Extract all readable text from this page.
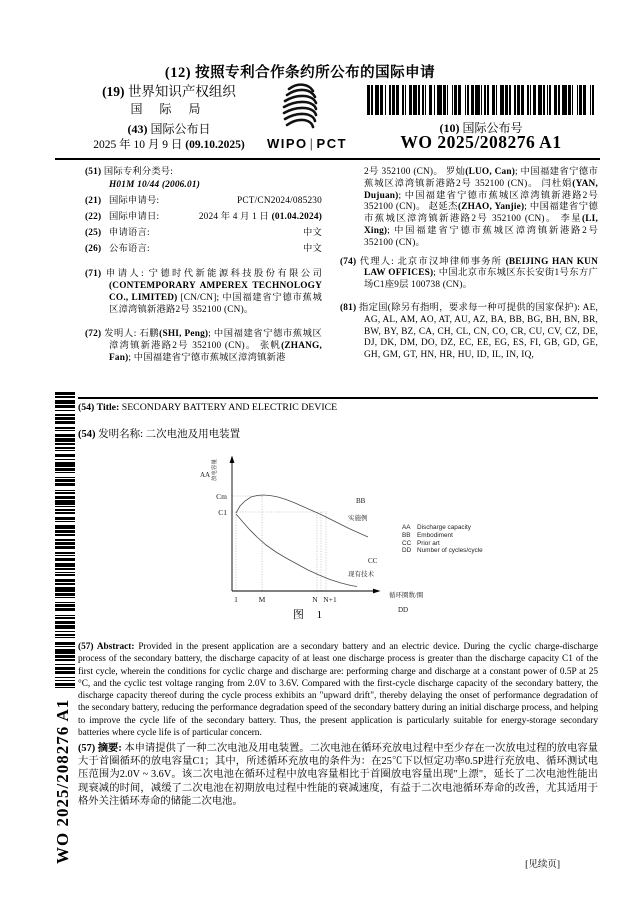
(12) 按照专利合作条约所公布的国际申请
(19) 世界知识产权组织
国 际 局
(43) 国际公布日
2025 年 10 月 9 日 (09.10.2025)	WIPO | PCT
(10) 国际公布号
WO 2025/208276 A1

(51) 国际专利分类号:
H01M 10/44 (2006.01)

(21) 国际申请号:	PCT/CN2024/085230

(22) 国际申请日:	2024 年 4 月 1 日 (01.04.2024)

(25) 申请语言:	中文

(26) 公布语言:	中文

(71) 申请人: 宁德时代新能源科技股份有限公司 (CONTEMPORARY AMPEREX TECHNOLOGY CO., LIMITED) [CN/CN]; 中国福建省宁德市蕉城区漳湾镇新港路2号 352100 (CN)。

(72) 发明人: 石鹏(SHI, Peng); 中国福建省宁德市蕉城区漳湾镇新港路2号 352100 (CN)。 张帆(ZHANG, Fan); 中国福建省宁德市蕉城区漳湾镇新港

2号 352100 (CN)。 罗灿(LUO, Can); 中国福建省宁德市蕉城区漳湾镇新港路2号 352100 (CN)。 闫杜娟(YAN, Dujuan); 中国福建省宁德市蕉城区漳湾镇新港路2号 352100 (CN)。 赵延杰(ZHAO, Yanjie); 中国福建省宁德市蕉城区漳湾镇新港路2号 352100 (CN)。 李星(LI, Xing); 中国福建省宁德市蕉城区漳湾镇新港路2号 352100 (CN)。

(74) 代理人: 北京市汉坤律师事务所 (BEIJING HAN KUN LAW OFFICES); 中国北京市东城区东长安街1号东方广场C1座9层 100738 (CN)。

(81) 指定国(除另有指明，要求每一种可提供的国家保护): AE, AG, AL, AM, AO, AT, AU, AZ, BA, BB, BG, BH, BN, BR, BW, BY, BZ, CA, CH, CL, CN, CO, CR, CU, CV, CZ, DE, DJ, DK, DM, DO, DZ, EC, EE, EG, ES, FI, GB, GD, GE, GH, GM, GT, HN, HR, HU, ID, IL, IN, IQ,

(54) Title: SECONDARY BATTERY AND ELECTRIC DEVICE
(54) 发明名称: 二次电池及用电装置
AA 放电容量
Cm
C1
1	M	N N+1
BB
实施例
CC
现有技术
循环圈数/圈
DD
AA	Discharge capacity
BB	Embodiment
CC Prior art
DD Number of cycles/cycle
图 1
(57) Abstract: Provided in the present application are a secondary battery and an electric device. During the cyclic charge-discharge process of the secondary battery, the discharge capacity of at least one discharge process is greater than the discharge capacity C1 of the first cycle, wherein the conditions for cyclic charge and discharge are: performing charge and discharge at a constant power of 0.5P at 25 °C, and the cyclic test voltage ranging from 2.0V to 3.6V. Compared with the first-cycle discharge capacity of the secondary battery, the discharge capacity thereof during the cycle process exhibits an "upward drift", thereby delaying the onset of performance degradation of the secondary battery, reducing the performance degradation speed of the secondary battery during an initial discharge process, and helping to improve the cycle life of the secondary battery. Thus, the present application is particularly suitable for energy-storage secondary batteries where cycle life is of particular concern.
(57) 摘要: 本申请提供了一种二次电池及用电装置。二次电池在循环充放电过程中至少存在一次放电过程的放电容量大于首圈循环的放电容量C1；其中，所述循环充放电的条件为：在25℃下以恒定功率0.5P进行充放电、循环测试电压范围为2.0V ~ 3.6V。该二次电池在循环过程中放电容量相比于首圈放电容量出现"上漂"，延长了二次电池性能出现衰减的时间，减缓了二次电池在初期放电过程中性能的衰减速度，有益于二次电池循环寿命的改善，尤其适用于格外关注循环寿命的储能二次电池。
WO 2025/208276 A1
[见续页]
